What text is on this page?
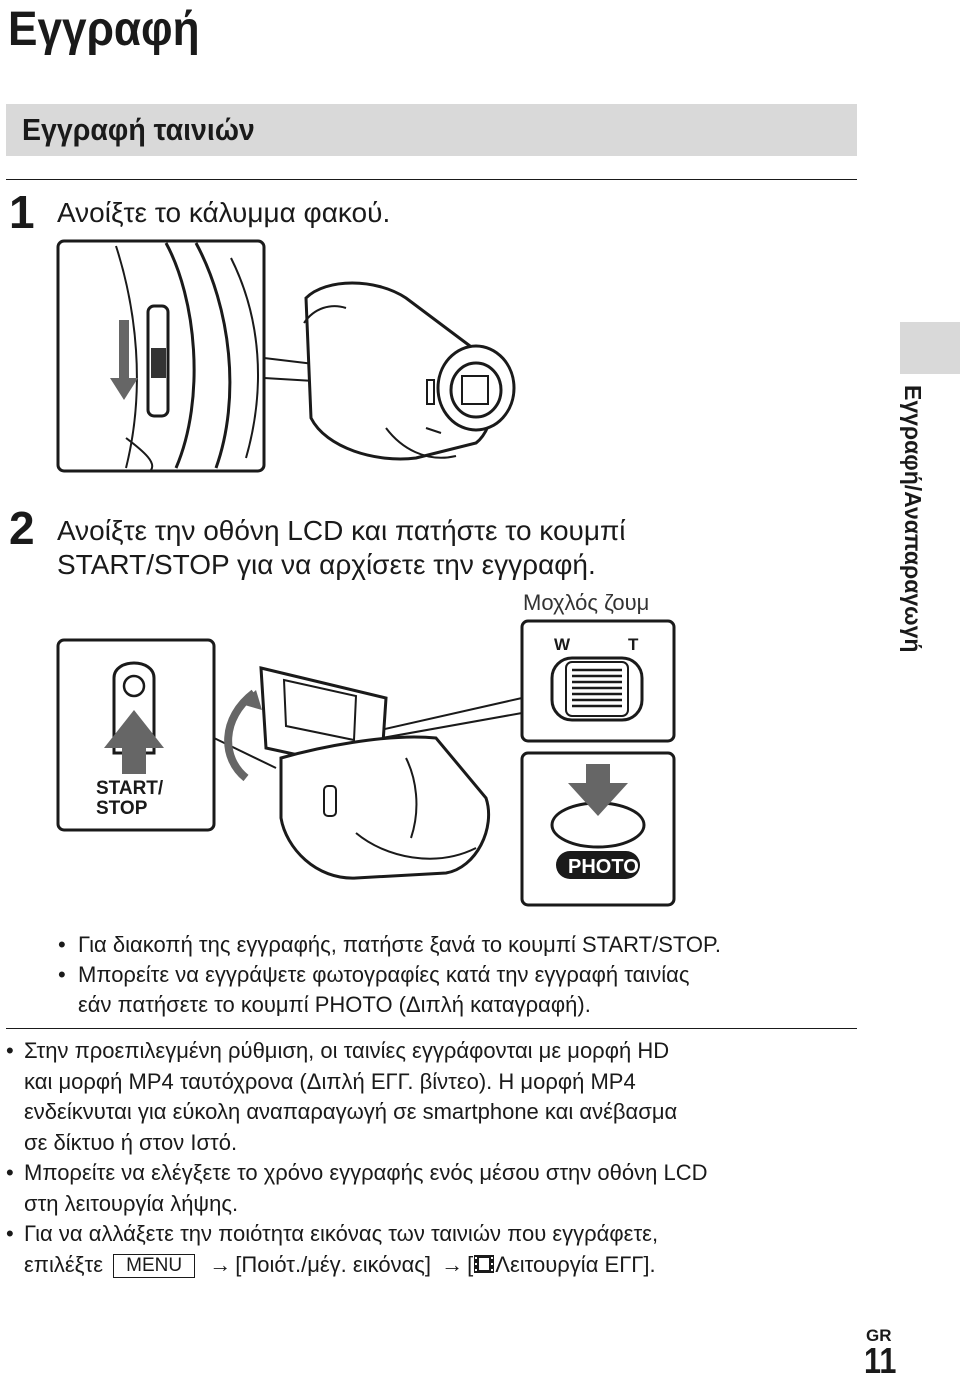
Εγγραφή
Εγγραφή ταινιών
Εγγραφή/Αναπαραγωγή
1 Ανοίξτε το κάλυμμα φακού.
2 Ανοίξτε την οθόνη LCD και πατήστε το κουμπί
START/STOP για να αρχίσετε την εγγραφή.
Μοχλός ζουμ
START/
STOP
W	T
PHOTO
• Για διακοπή της εγγραφής, πατήστε ξανά το κουμπί START/STOP.
• Μπορείτε να εγγράψετε φωτογραφίες κατά την εγγραφή ταινίας
εάν πατήσετε το κουμπί PHOTO (Διπλή καταγραφή).
• Στην προεπιλεγμένη ρύθμιση, οι ταινίες εγγράφονται με μορφή HD
και μορφή MP4 ταυτόχρονα (Διπλή ΕΓΓ. βίντεο). Η μορφή MP4
ενδείκνυται για εύκολη αναπαραγωγή σε smartphone και ανέβασμα
σε δίκτυο ή στον Ιστό.
• Μπορείτε να ελέγξετε το χρόνο εγγραφής ενός μέσου στην οθόνη LCD
στη λειτουργία λήψης.
• Για να αλλάξετε την ποιότητα εικόνας των ταινιών που εγγράφετε,
επιλέξτε MENU → [Ποιότ./μέγ. εικόνας] → [ Λειτουργία ΕΓΓ].
GR
11
